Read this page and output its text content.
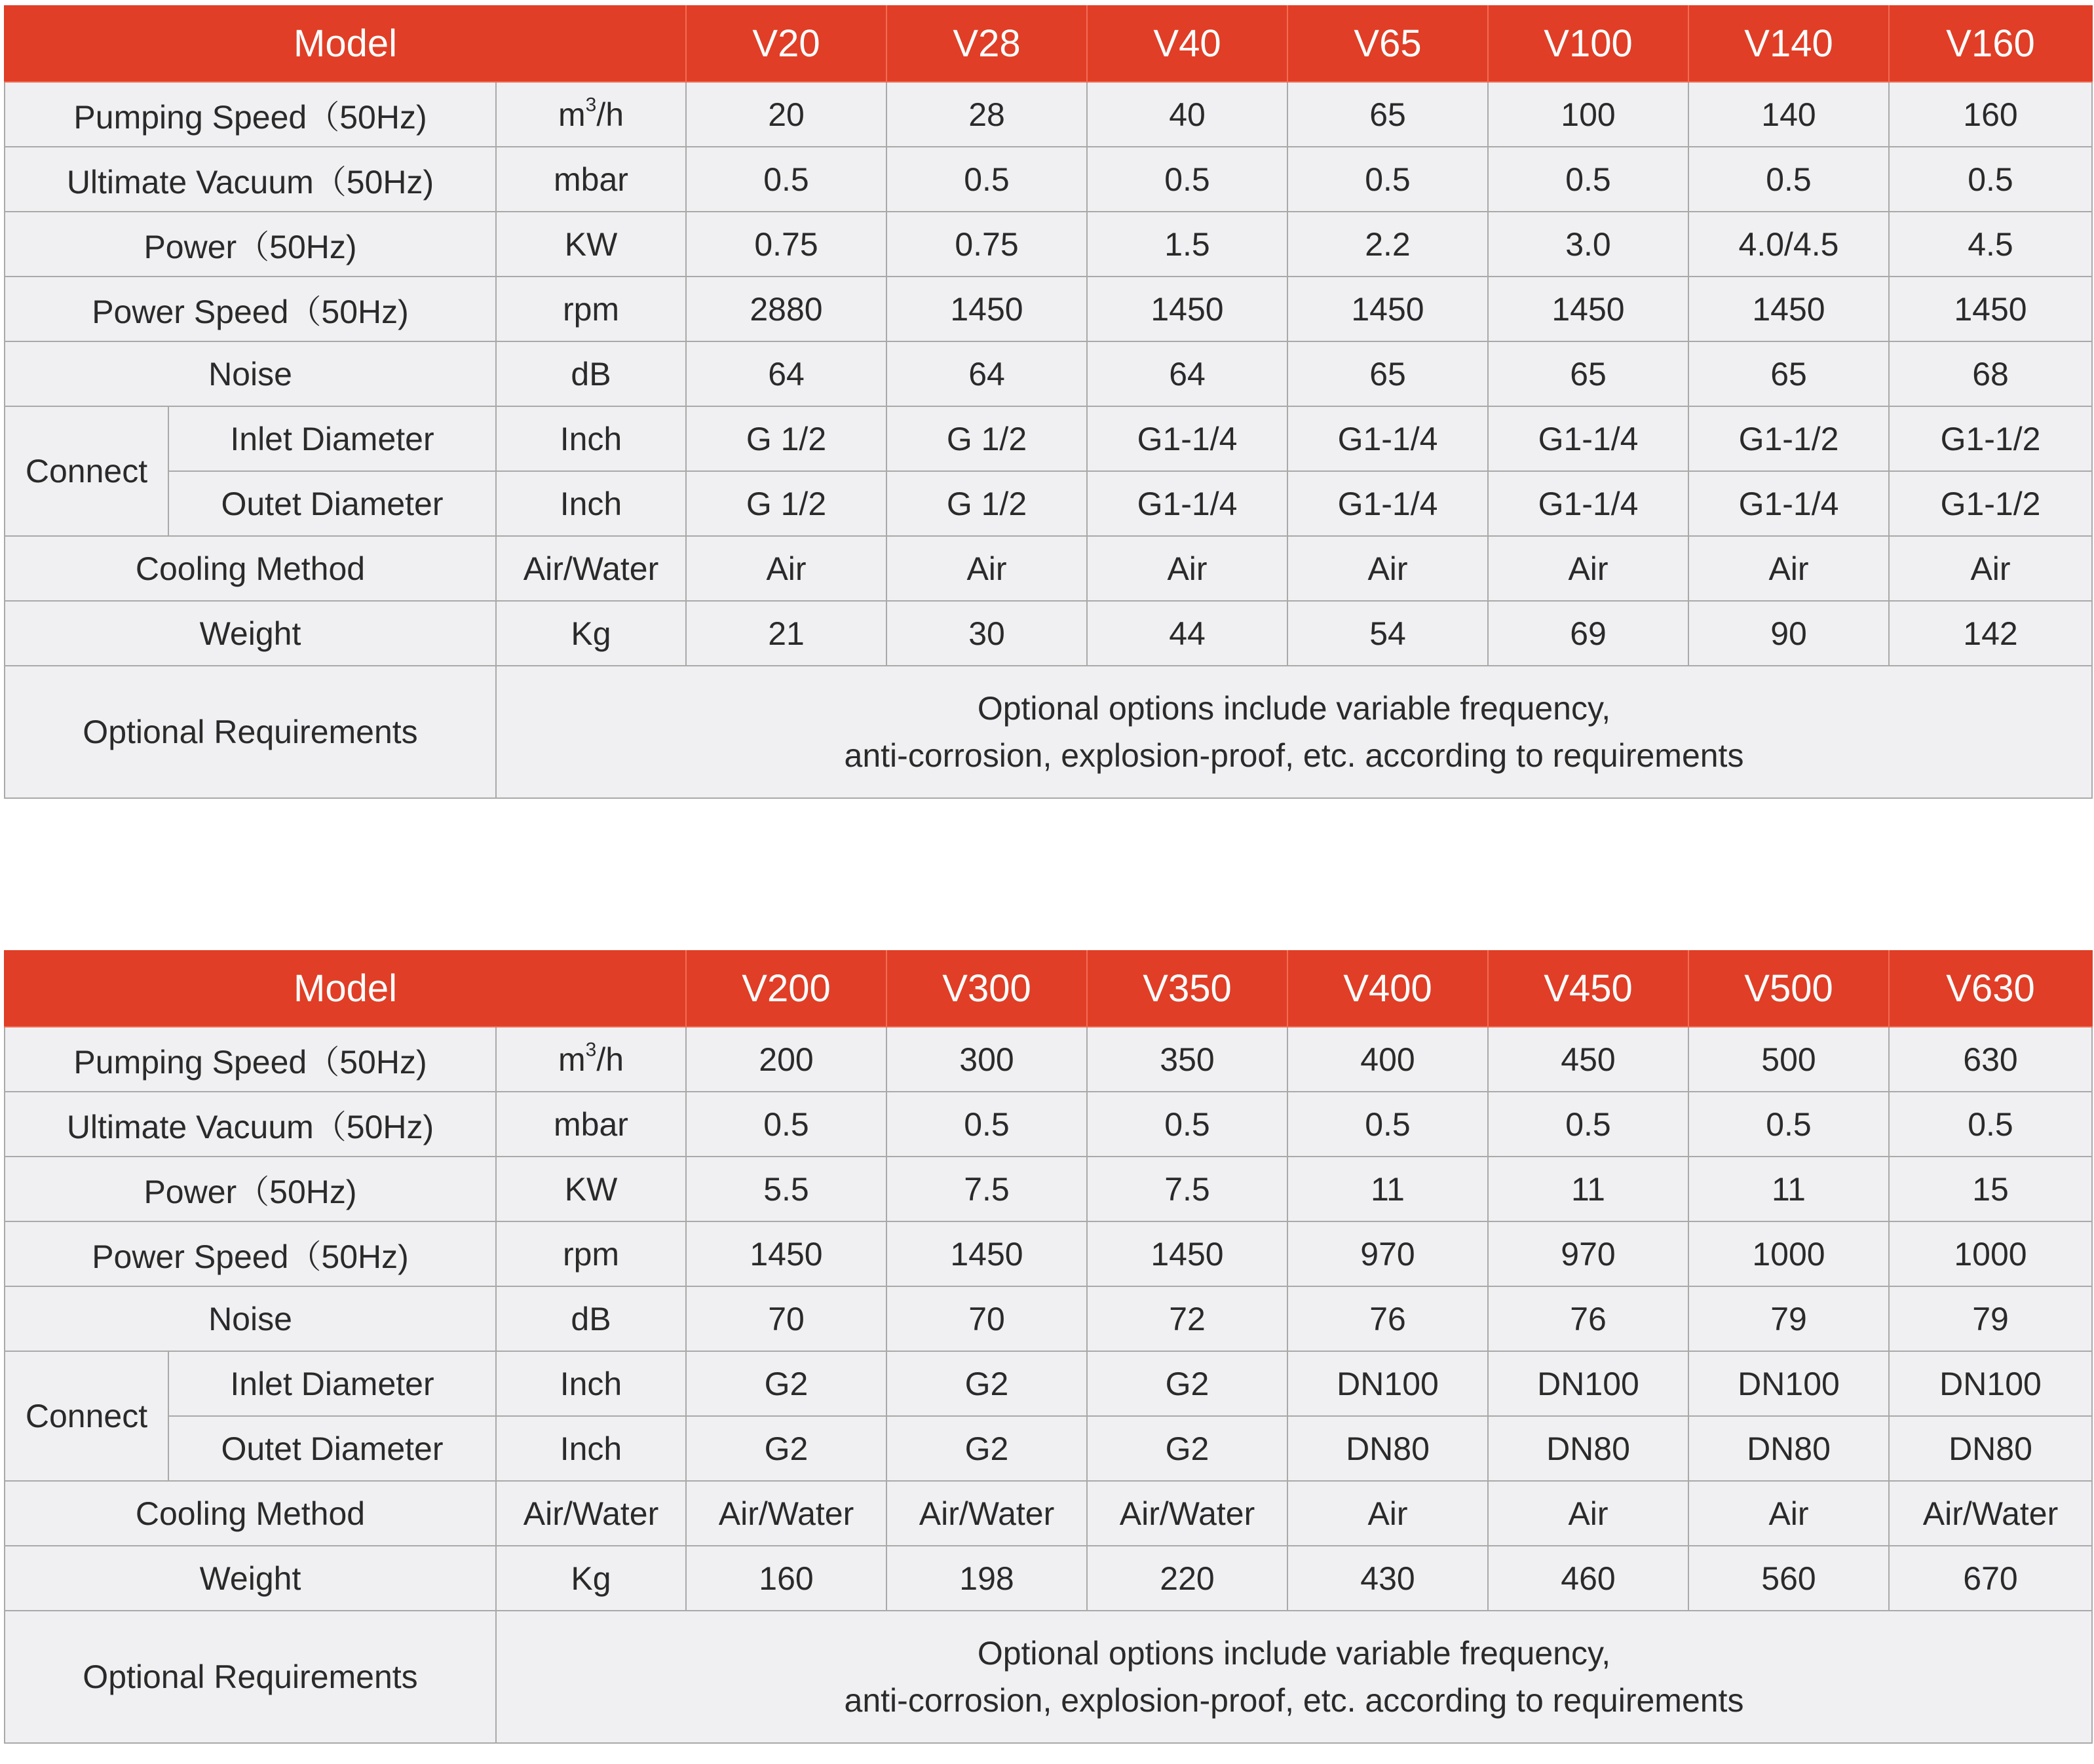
Model			V20	V28	V40	V65	V100	V140	V160
Pumping Speed（50Hz)		$m^3/h$	20	28	40	65	100	140	160
Ultimate Vacuum（50Hz)		mbar	0.5	0.5	0.5	0.5	0.5	0.5	0.5
Power（50Hz)		KW	0.75	0.75	1.5	2.2	3.0	4.0/4.5	4.5
Power Speed（50Hz)		rpm	2880	1450	1450	1450	1450	1450	1450
Noise		dB	64	64	64	65	65	65	68
Connect	Inlet Diameter	Inch	G 1/2	G 1/2	G1-1/4	G1-1/4	G1-1/4	G1-1/2	G1-1/2
	Outet Diameter	Inch	G 1/2	G 1/2	G1-1/4	G1-1/4	G1-1/4	G1-1/4	G1-1/2
Cooling Method		Air/Water	Air	Air	Air	Air	Air	Air	Air
Weight		Kg	21	30	44	54	69	90	142
Optional Requirements		Optional options include variable frequency,
anti-corrosion, explosion-proof, etc. according to requirements							
Model			V200	V300	V350	V400	V450	V500	V630
Pumping Speed（50Hz)		$m^3/h$	200	300	350	400	450	500	630
Ultimate Vacuum（50Hz)		mbar	0.5	0.5	0.5	0.5	0.5	0.5	0.5
Power（50Hz)		KW	5.5	7.5	7.5	11	11	11	15
Power Speed（50Hz)		rpm	1450	1450	1450	970	970	1000	1000
Noise		dB	70	70	72	76	76	79	79
Connect	Inlet Diameter	Inch	G2	G2	G2	DN100	DN100	DN100	DN100
	Outet Diameter	Inch	G2	G2	G2	DN80	DN80	DN80	DN80
Cooling Method		Air/Water	Air/Water	Air/Water	Air/Water	Air	Air	Air	Air/Water
Weight		Kg	160	198	220	430	460	560	670
Optional Requirements		Optional options include variable frequency,
anti-corrosion, explosion-proof, etc. according to requirements							
